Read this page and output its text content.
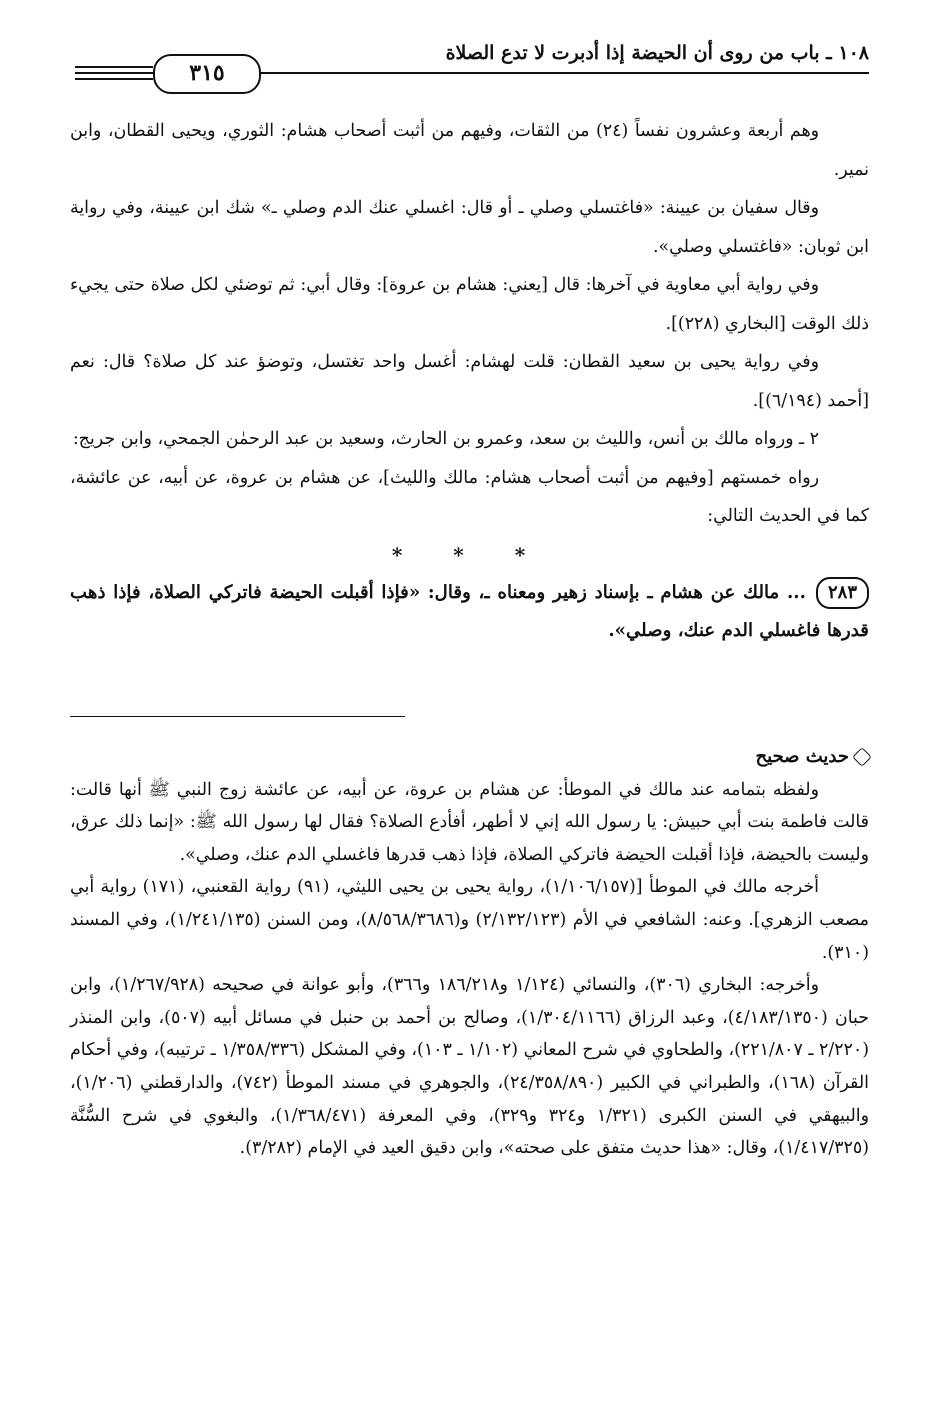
١٠٨ ـ باب من روى أن الحيضة إذا أدبرت لا تدع الصلاة
٣١٥

وهم أربعة وعشرون نفساً (٢٤) من الثقات، وفيهم من أثبت أصحاب هشام: الثوري، ويحيى القطان، وابن نمير.

وقال سفيان بن عيينة: «فاغتسلي وصلي ـ أو قال: اغسلي عنك الدم وصلي ـ» شك ابن عيينة، وفي رواية ابن ثوبان: «فاغتسلي وصلي».

وفي رواية أبي معاوية في آخرها: قال [يعني: هشام بن عروة]: وقال أبي: ثم توضئي لكل صلاة حتى يجيء ذلك الوقت [البخاري (٢٢٨)].

وفي رواية يحيى بن سعيد القطان: قلت لهشام: أغسل واحد تغتسل، وتوضؤ عند كل صلاة؟ قال: نعم [أحمد (٦/١٩٤)].

٢ ـ ورواه مالك بن أنس، والليث بن سعد، وعمرو بن الحارث، وسعيد بن عبد الرحمٰن الجمحي، وابن جريج:

رواه خمستهم [وفيهم من أثبت أصحاب هشام: مالك والليث]، عن هشام بن عروة، عن أبيه، عن عائشة، كما في الحديث التالي:

* * *

٢٨٣... مالك عن هشام ـ بإسناد زهير ومعناه ـ، وقال: «فإذا أقبلت الحيضة فاتركي الصلاة، فإذا ذهب قدرها فاغسلي الدم عنك، وصلي».

حديث صحيح

ولفظه بتمامه عند مالك في الموطأ: عن هشام بن عروة، عن أبيه، عن عائشة زوج النبي ﷺ أنها قالت: قالت فاطمة بنت أبي حبيش: يا رسول الله إني لا أطهر، أفأدع الصلاة؟ فقال لها رسول الله ﷺ: «إنما ذلك عرق، وليست بالحيضة، فإذا أقبلت الحيضة فاتركي الصلاة، فإذا ذهب قدرها فاغسلي الدم عنك، وصلي».

أخرجه مالك في الموطأ [(١/١٠٦/١٥٧)، رواية يحيى بن يحيى الليثي، (٩١) رواية القعنبي، (١٧١) رواية أبي مصعب الزهري]. وعنه: الشافعي في الأم (٢/١٣٢/١٢٣) و(٨/٥٦٨/٣٦٨٦)، ومن السنن (١/٢٤١/١٣٥)، وفي المسند (٣١٠).

وأخرجه: البخاري (٣٠٦)، والنسائي (١/١٢٤ و١٨٦/٢١٨ و٣٦٦)، وأبو عوانة في صحيحه (١/٢٦٧/٩٢٨)، وابن حبان (٤/١٨٣/١٣٥٠)، وعبد الرزاق (١/٣٠٤/١١٦٦)، وصالح بن أحمد بن حنبل في مسائل أبيه (٥٠٧)، وابن المنذر (٢/٢٢٠ ـ ٢٢١/٨٠٧)، والطحاوي في شرح المعاني (١/١٠٢ ـ ١٠٣)، وفي المشكل (١/٣٥٨/٣٣٦ ـ ترتيبه)، وفي أحكام القرآن (١٦٨)، والطبراني في الكبير (٢٤/٣٥٨/٨٩٠)، والجوهري في مسند الموطأ (٧٤٢)، والدارقطني (١/٢٠٦)، والبيهقي في السنن الكبرى (١/٣٢١ و٣٢٤ و٣٢٩)، وفي المعرفة (١/٣٦٨/٤٧١)، والبغوي في شرح السُّنَّة (١/٤١٧/٣٢٥)، وقال: «هذا حديث متفق على صحته»، وابن دقيق العيد في الإمام (٣/٢٨٢).
